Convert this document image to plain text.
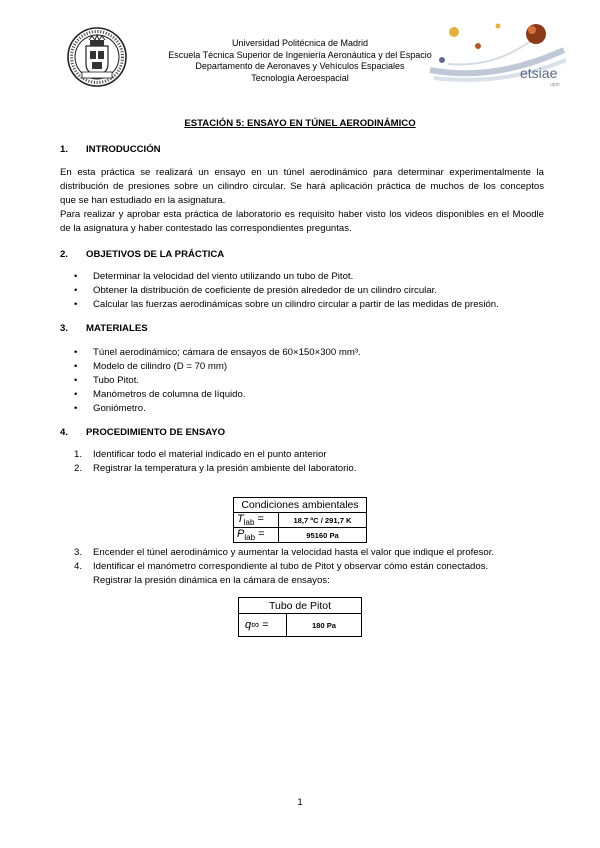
Universidad Politécnica de Madrid
Escuela Técnica Superior de Ingeniería Aeronáutica y del Espacio
Departamento de Aeronaves y Vehículos Espaciales
Tecnología Aeroespacial	etsiae
upm
ESTACIÓN 5: ENSAYO EN TÚNEL AERODINÁMICO
1. INTRODUCCIÓN
En esta práctica se realizará un ensayo en un túnel aerodinámico para determinar experimentalmente la
distribución de presiones sobre un cilindro circular. Se hará aplicación práctica de muchos de los conceptos
que se han estudiado en la asignatura.
Para realizar y aprobar esta práctica de laboratorio es requisito haber visto los videos disponibles en el Moodle
de la asignatura y haber contestado las correspondientes preguntas.
2. OBJETIVOS DE LA PRÁCTICA
• Determinar la velocidad del viento utilizando un tubo de Pitot.
• Obtener la distribución de coeficiente de presión alrededor de un cilindro circular.
• Calcular las fuerzas aerodinámicas sobre un cilindro circular a partir de las medidas de presión.
3. MATERIALES
• Túnel aerodinámico; cámara de ensayos de 60×150×300 mm³.
• Modelo de cilindro (D = 70 mm)
• Tubo Pitot.
• Manómetros de columna de líquido.
• Goniómetro.
4. PROCEDIMIENTO DE ENSAYO
1. Identificar todo el material indicado en el punto anterior
2. Registrar la temperatura y la presión ambiente del laboratorio.
Condiciones ambientales	
$T_{lab}$ =	18,7 ºC / 291,7 K
$P_{lab}$ =	95160 Pa
3. Encender el túnel aerodinámico y aumentar la velocidad hasta el valor que indique el profesor.
4. Identificar el manómetro correspondiente al tubo de Pitot y observar cómo están conectados.
Registrar la presión dinámica en la cámara de ensayos:
Tubo de Pitot
q∞ =	180 Pa
1
